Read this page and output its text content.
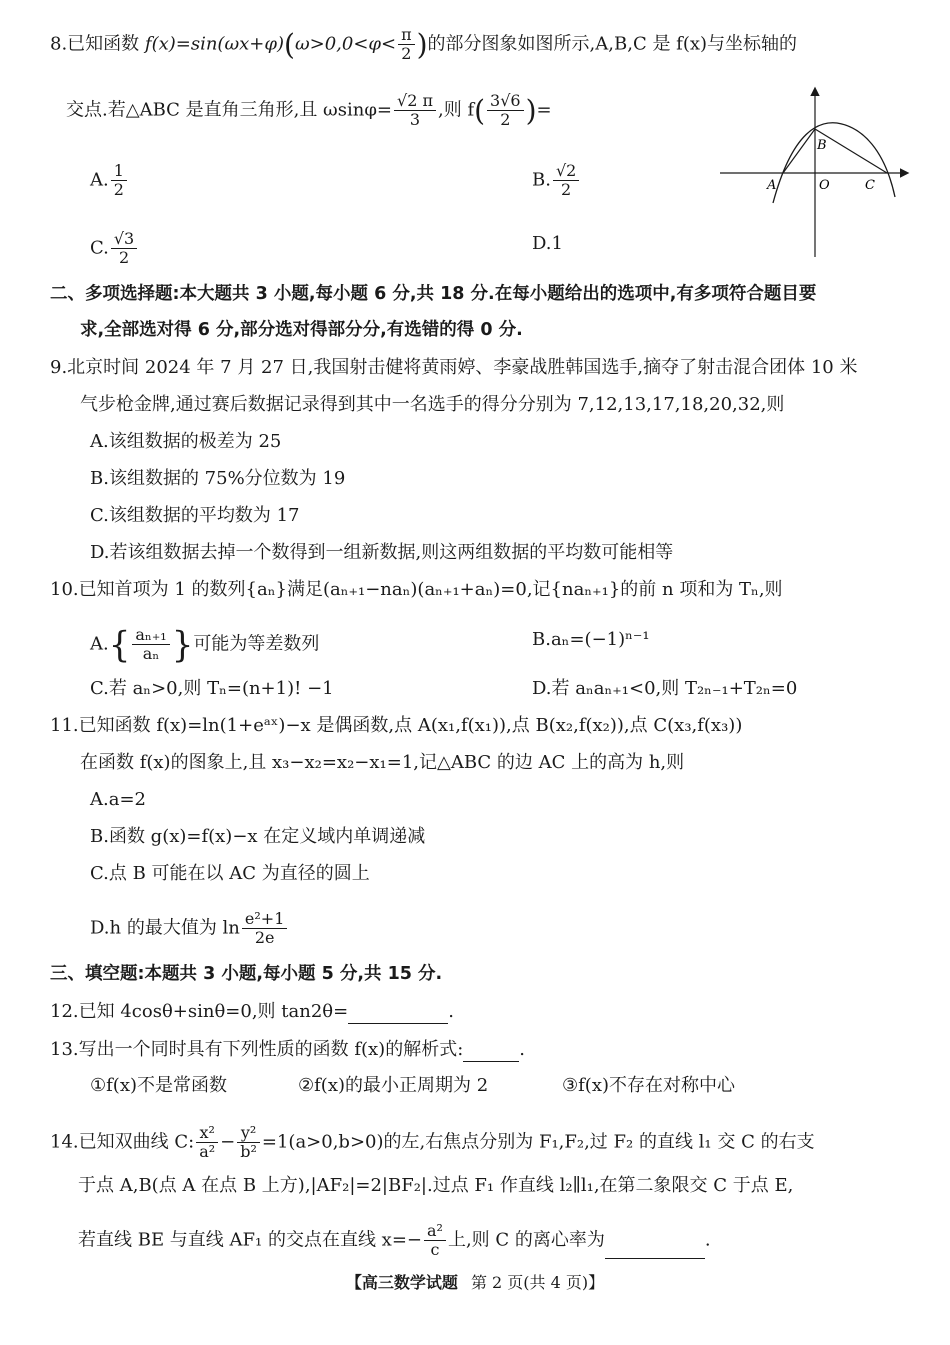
8.已知函数 $f(x)=\sin(\omega x+\varphi)(\omega>0,0<\varphi< \frac{\pi}{2}$ )的部分图象如图所示,A,B,C 是 f(x)与坐标轴的
交点.若△ABC 是直角三角形,且 $\omega\sin\varphi= \frac{√2 \pi}{3}$ ,则 $f( \frac{3√6}{2}$ )=
A. $\frac{1}{2}$	B. $\frac{√2}{2}$
C. $\frac{√3}{2}$	D.1
A
B
O	C
二、多项选择题:本大题共 3 小题,每小题 6 分,共 18 分.在每小题给出的选项中,有多项符合题目要
求,全部选对得 6 分,部分选对得部分分,有选错的得 0 分.
9.北京时间 2024 年 7 月 27 日,我国射击健将黄雨婷、李豪战胜韩国选手,摘夺了射击混合团体 10 米
气步枪金牌,通过赛后数据记录得到其中一名选手的得分分别为 7,12,13,17,18,20,32,则
A.该组数据的极差为 25
B.该组数据的 75%分位数为 19
C.该组数据的平均数为 17
D.若该组数据去掉一个数得到一组新数据,则这两组数据的平均数可能相等
10.已知首项为 1 的数列{aₙ}满足(aₙ₊₁−naₙ)(aₙ₊₁+aₙ)=0,记{naₙ₊₁}的前 n 项和为 Tₙ,则
$A.\{ \frac{\text{aₙ₊₁}}{\text{aₙ}}$ }可能为等差数列	B.aₙ=(−1)ⁿ⁻¹
C.若 aₙ>0,则 Tₙ=(n+1)! −1	D.若 aₙaₙ₊₁<0,则 T₂ₙ₋₁+T₂ₙ=0
11.已知函数 f(x)=ln(1+eᵃˣ)−x 是偶函数,点 A(x₁,f(x₁)),点 B(x₂,f(x₂)),点 C(x₃,f(x₃))
在函数 f(x)的图象上,且 x₃−x₂=x₂−x₁=1,记△ABC 的边 AC 上的高为 h,则
A.a=2
B.函数 g(x)=f(x)−x 在定义域内单调递减
C.点 B 可能在以 AC 为直径的圆上
D.h 的最大值为 $\ln \frac{\text{e²+1}}{2e}$
三、填空题:本题共 3 小题,每小题 5 分,共 15 分.
12.已知 4cosθ+sinθ=0,则 tan2θ=	.
13.写出一个同时具有下列性质的函数 f(x)的解析式:	.
①f(x)不是常函数	②f(x)的最小正周期为 2	③f(x)不存在对称中心
14.已知双曲线 C: $\frac{\text{x²}}{\text{a²}} - \frac{\text{y²}}{\text{b²}} =1(a>0,b>0)$的左,右焦点分别为 F₁,F₂,过 F₂ 的直线 l₁ 交 C 的右支
于点 A,B(点 A 在点 B 上方),|AF₂|=2|BF₂|.过点 F₁ 作直线 l₂∥l₁,在第二象限交 C 于点 E,
若直线 BE 与直线 AF₁ 的交点在直线 $x=- \frac{\text{a²}}{c}$ 上,则 C 的离心率为	.
【高三数学试题 第 2 页(共 4 页)】
